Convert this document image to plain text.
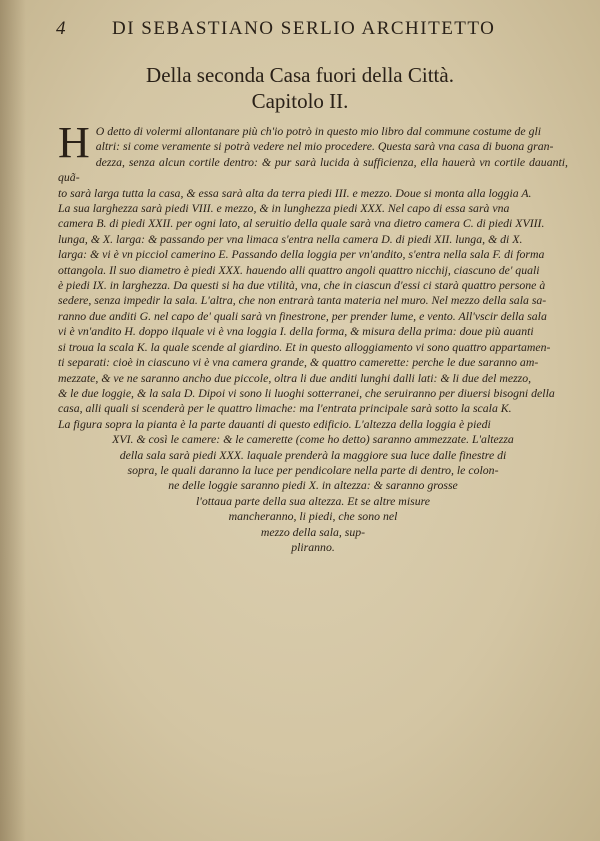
4 DI SEBASTIANO SERLIO ARCHITETTO
Della seconda Casa fuori della Città.
Capitolo II.
H O detto di volermi allontanare più ch'io potrò in questo mio libro dal commune costume de gli

altri: si come veramente si potrà vedere nel mio procedere. Questa sarà vna casa di buona gran-

dezza, senza alcun cortile dentro: & pur sarà lucida à sufficienza, ella hauerà vn cortile dauanti, quã-

to sarà larga tutta la casa, & essa sarà alta da terra piedi III. e mezzo. Doue si monta alla loggia A.

La sua larghezza sarà piedi VIII. e mezzo, & in lunghezza piedi XXX. Nel capo di essa sarà vna

camera B. di piedi XXII. per ogni lato, al seruitio della quale sarà vna dietro camera C. di piedi XVIII.

lunga, & X. larga: & passando per vna limaca s'entra nella camera D. di piedi XII. lunga, & di X.

larga: & vi è vn picciol camerino E. Passando della loggia per vn'andito, s'entra nella sala F. di forma

ottangola. Il suo diametro è piedi XXX. hauendo alli quattro angoli quattro nicchij, ciascuno de' quali

è piedi IX. in larghezza. Da questi si ha due vtilità, vna, che in ciascun d'essi ci starà quattro persone à

sedere, senza impedir la sala. L'altra, che non entrarà tanta materia nel muro. Nel mezzo della sala sa-

ranno due anditi G. nel capo de' quali sarà vn finestrone, per prender lume, e vento. All'vscir della sala

vi è vn'andito H. doppo ilquale vi è vna loggia I. della forma, & misura della prima: doue più auanti

si troua la scala K. la quale scende al giardino. Et in questo alloggiamento vi sono quattro appartamen-

ti separati: cioè in ciascuno vi è vna camera grande, & quattro camerette: perche le due saranno am-

mezzate, & ve ne saranno ancho due piccole, oltra li due anditi lunghi dalli lati: & li due del mezzo,

& le due loggie, & la sala D. Dipoi vi sono li luoghi sotterranei, che seruiranno per diuersi bisogni della

casa, alli quali si scenderà per le quattro limache: ma l'entrata principale sarà sotto la scala K.

La figura sopra la pianta è la parte dauanti di questo edificio. L'altezza della loggia è piedi

XVI. & così le camere: & le camerette (come ho detto) saranno ammezzate. L'altezza

della sala sarà piedi XXX. laquale prenderà la maggiore sua luce dalle finestre di

sopra, le quali daranno la luce per pendicolare nella parte di dentro, le colon-

ne delle loggie saranno piedi X. in altezza: & saranno grosse

l'ottaua parte della sua altezza. Et se altre misure

mancheranno, li piedi, che sono nel

mezzo della sala, sup-

pliranno.
